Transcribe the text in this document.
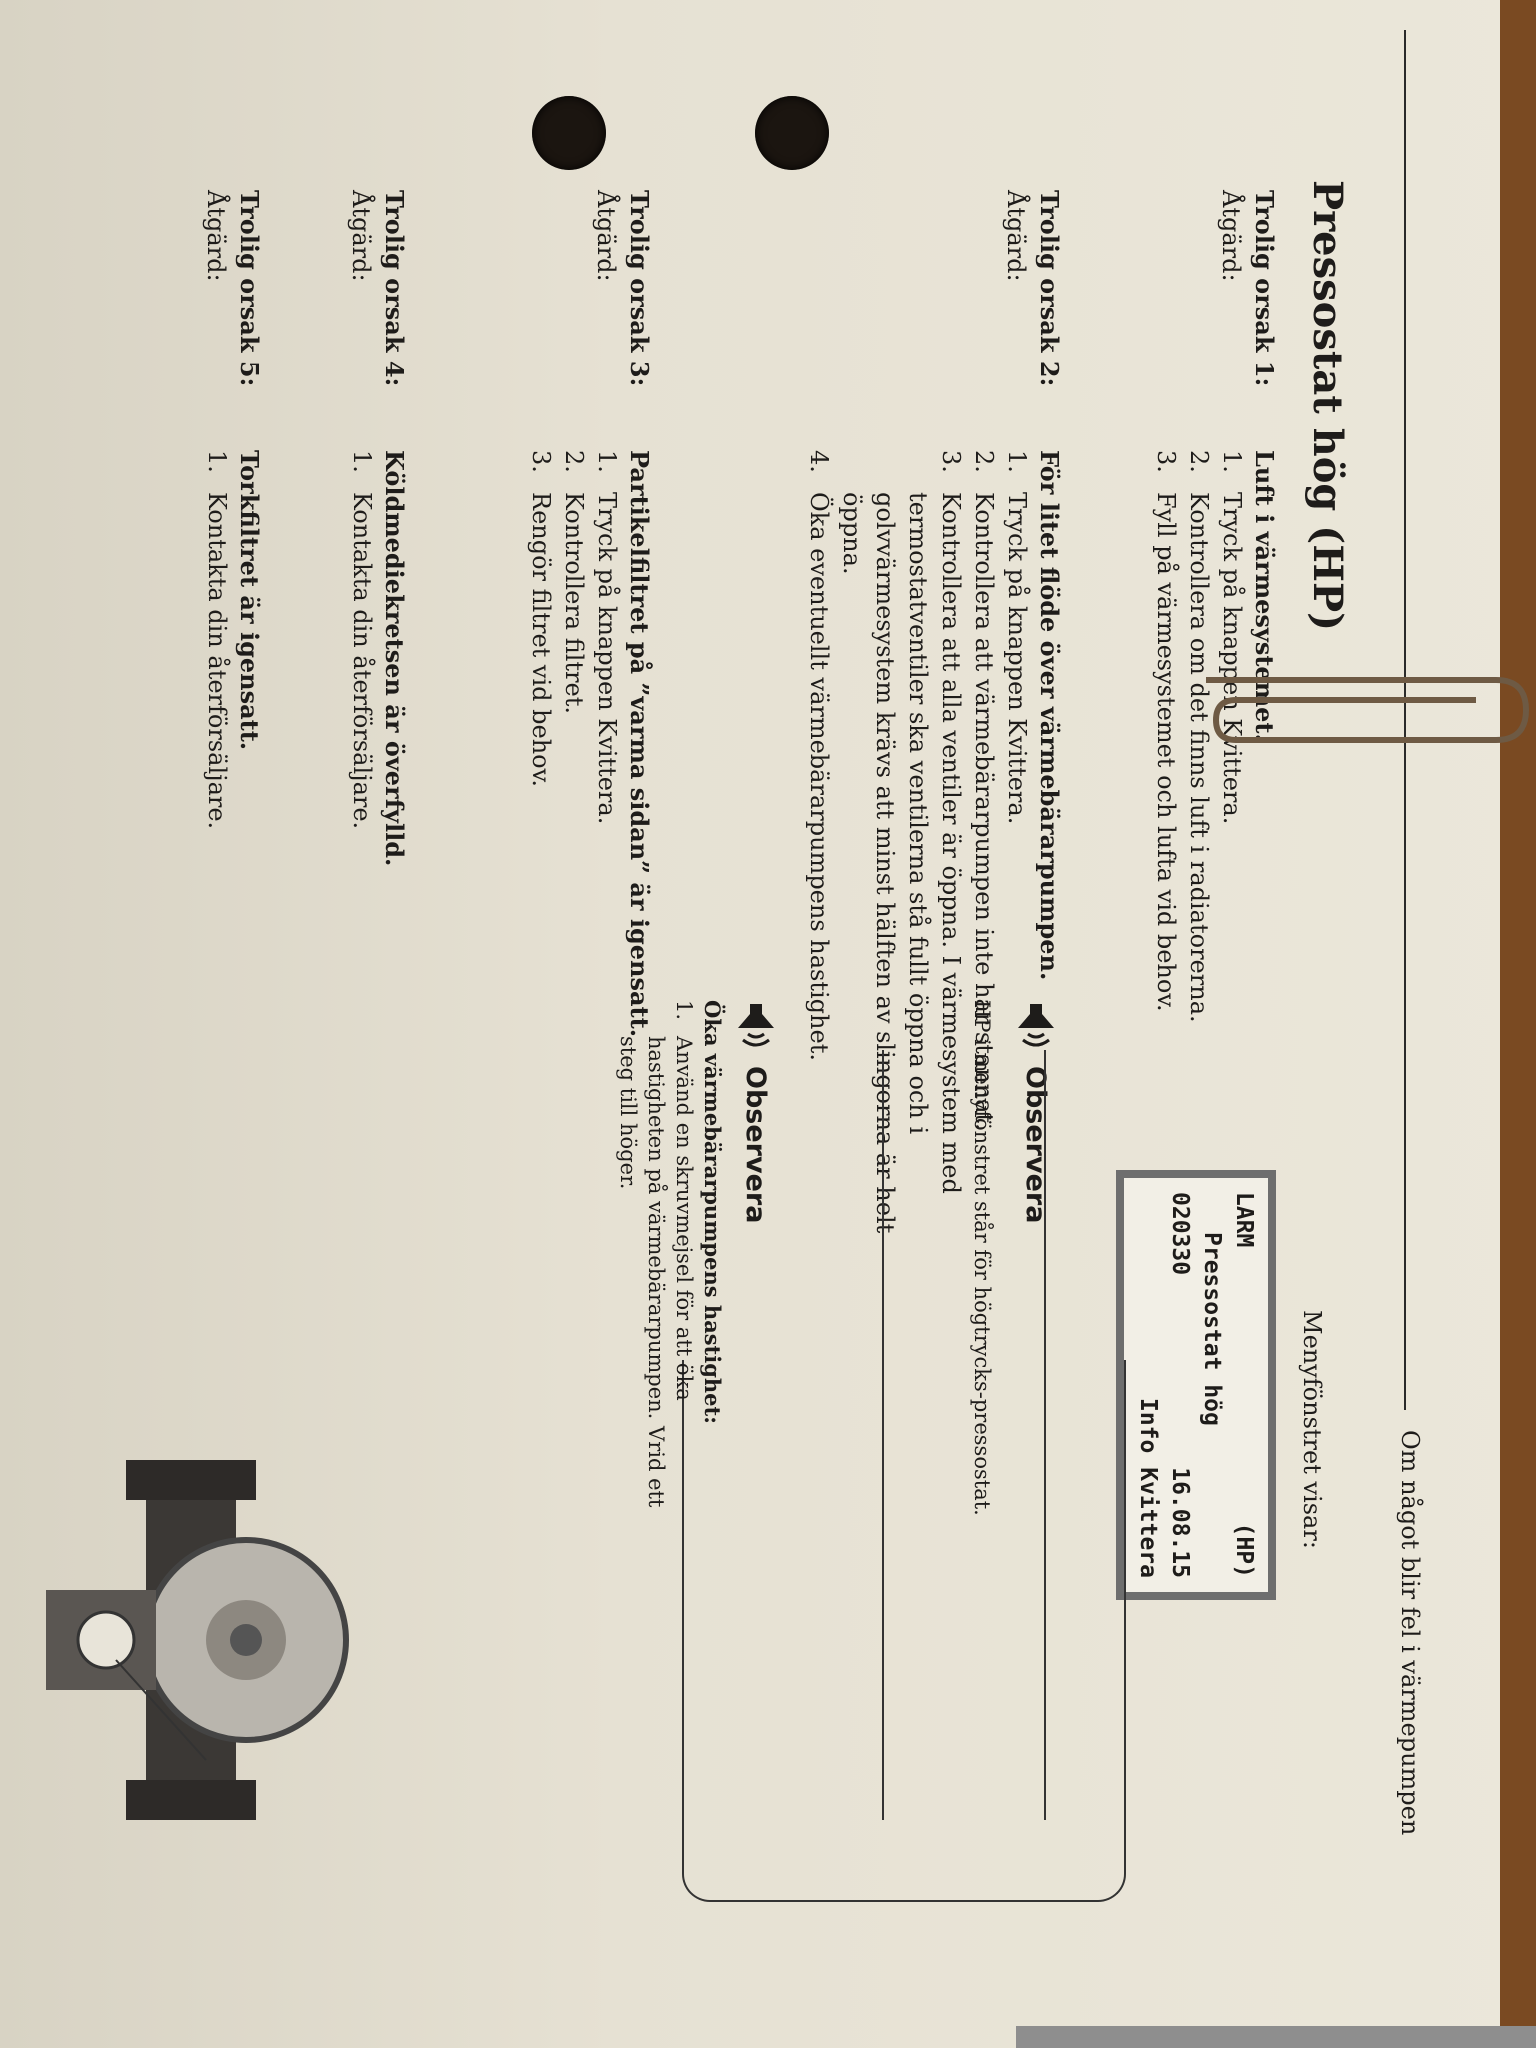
Om något blir fel i värmepumpen
Pressostat hög (HP)
Trolig orsak 1:
Åtgärd:
Luft i värmesystemet.
1.
Tryck på knappen Kvittera.
2.
Kontrollera om det finns luft i radiatorerna.
3.
Fyll på värmesystemet och lufta vid behov.
Trolig orsak 2:
Åtgärd:
För litet flöde över värmebärarpumpen.
1.
Tryck på knappen Kvittera.
2.
Kontrollera att värmebärarpumpen inte har stannat.
3.
Kontrollera att alla ventiler är öppna. I värmesystem med termostatventiler ska ventilerna stå fullt öppna och i golvvärmesystem krävs att minst hälften av slingorna är helt öppna.
4.
Öka eventuellt värmebärarpumpens hastighet.
Trolig orsak 3:
Åtgärd:
Partikelfiltret på ”varma sidan” är igensatt.
1.
Tryck på knappen Kvittera.
2.
Kontrollera filtret.
3.
Rengör filtret vid behov.
Trolig orsak 4:
Åtgärd:
Köldmediekretsen är överfylld.
1.
Kontakta din återförsäljare.
Trolig orsak 5:
Åtgärd:
Torkfiltret är igensatt.
1.
Kontakta din återförsäljare.
Menyfönstret visar:
LARM
(HP)
Pressostat hög
020330
16.08.15
Info Kvittera
Observera
HP i menyfönstret står för högtrycks-pressostat.
Observera
Öka värmebärarpumpens hastighet:
1.
Använd en skruvmejsel för att öka hastigheten på värmebärarpumpen. Vrid ett steg till höger.
